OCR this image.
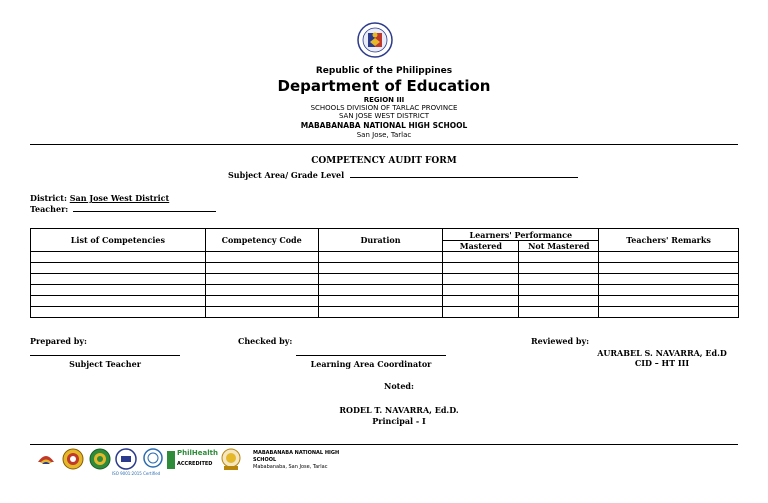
Republic of the Philippines
Department of Education
REGION III
SCHOOLS DIVISION OF TARLAC PROVINCE
SAN JOSE WEST DISTRICT
MABABANABA NATIONAL HIGH SCHOOL
San Jose, Tarlac
COMPETENCY AUDIT FORM
Subject Area/ Grade Level
District: San Jose West District
Teacher:
List of Competencies	Competency Code	Duration	Learners' Performance		Teachers' Remarks
			Mastered	Not Mastered	

Prepared by:
Subject Teacher
Checked by:
Learning Area Coordinator
Reviewed by:
AURABEL S. NAVARRA, Ed.D
CID – HT III
Noted:
RODEL T. NAVARRA, Ed.D.
Principal - I
ISO 9001:2015 Certified
PhilHealth
ACCREDITED
MABABANABA NATIONAL HIGH
SCHOOL
Mababanaba, San Jose, Tarlac
